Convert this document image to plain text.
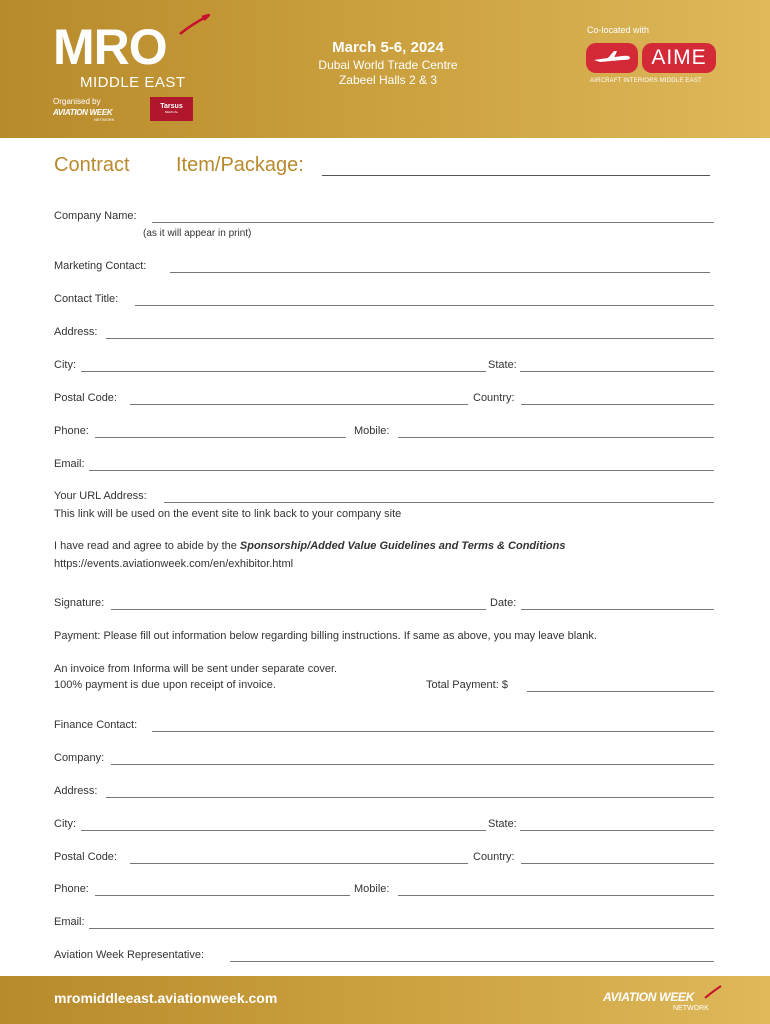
MRO
MIDDLE EAST
Organised by
AVIATION WEEK
NETWORK
Tarsus
MEDICAL
March 5-6, 2024
Dubai World Trade Centre
Zabeel Halls 2 & 3
Co-located with
AIME
AIRCRAFT INTERIORS MIDDLE EAST
Contract Item/Package:
Company Name:
(as it will appear in print)
Marketing Contact:
Contact Title:
Address:
City:	State:
Postal Code:	Country:
Phone:	Mobile:
Email:
Your URL Address:
This link will be used on the event site to link back to your company site
I have read and agree to abide by the Sponsorship/Added Value Guidelines and Terms & Conditions
https://events.aviationweek.com/en/exhibitor.html
Signature:	Date:
Payment: Please fill out information below regarding billing instructions. If same as above, you may leave blank.
An invoice from Informa will be sent under separate cover.
100% payment is due upon receipt of invoice.	Total Payment: $
Finance Contact:
Company:
Address:
City:	State:
Postal Code:	Country:
Phone:	Mobile:
Email:
Aviation Week Representative:
mromiddleeast.aviationweek.com	AVIATION WEEK
NETWORK
